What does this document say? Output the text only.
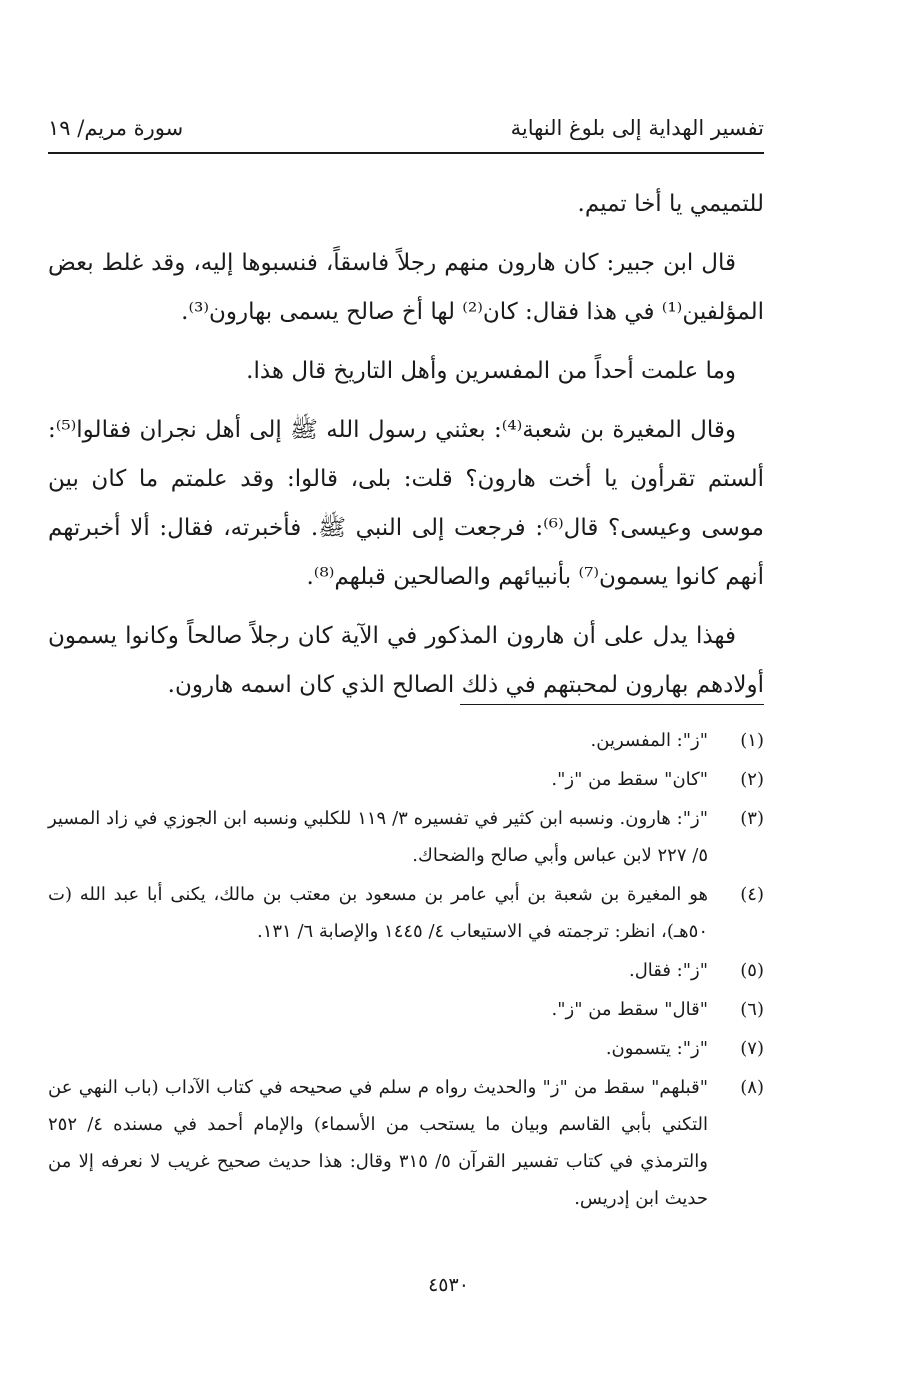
تفسير الهداية إلى بلوغ النهاية
سورة مريم/ ١٩

للتميمي يا أخا تميم.

قال ابن جبير: كان هارون منهم رجلاً فاسقاً، فنسبوها إليه، وقد غلط بعض المؤلفين⁽¹⁾ في هذا فقال: كان⁽²⁾ لها أخ صالح يسمى بهارون⁽³⁾.

وما علمت أحداً من المفسرين وأهل التاريخ قال هذا.

وقال المغيرة بن شعبة⁽⁴⁾: بعثني رسول الله ﷺ إلى أهل نجران فقالوا⁽⁵⁾: ألستم تقرأون يا أخت هارون؟ قلت: بلى، قالوا: وقد علمتم ما كان بين موسى وعيسى؟ قال⁽⁶⁾: فرجعت إلى النبي ﷺ. فأخبرته، فقال: ألا أخبرتهم أنهم كانوا يسمون⁽⁷⁾ بأنبيائهم والصالحين قبلهم⁽⁸⁾.

فهذا يدل على أن هارون المذكور في الآية كان رجلاً صالحاً وكانوا يسمون أولادهم بهارون لمحبتهم في ذلك الصالح الذي كان اسمه هارون.

(١)
"ز": المفسرين.
(٢)
"كان" سقط من "ز".
(٣)
"ز": هارون. ونسبه ابن كثير في تفسيره ٣/ ١١٩ للكلبي ونسبه ابن الجوزي في زاد المسير ٥/ ٢٢٧ لابن عباس وأبي صالح والضحاك.
(٤)
هو المغيرة بن شعبة بن أبي عامر بن مسعود بن معتب بن مالك، يكنى أبا عبد الله (ت ٥٠هـ)، انظر: ترجمته في الاستيعاب ٤/ ١٤٤٥ والإصابة ٦/ ١٣١.
(٥)
"ز": فقال.
(٦)
"قال" سقط من "ز".
(٧)
"ز": يتسمون.
(٨)
"قبلهم" سقط من "ز" والحديث رواه م سلم في صحيحه في كتاب الآداب (باب النهي عن التكني بأبي القاسم وبيان ما يستحب من الأسماء) والإمام أحمد في مسنده ٤/ ٢٥٢ والترمذي في كتاب تفسير القرآن ٥/ ٣١٥ وقال: هذا حديث صحيح غريب لا نعرفه إلا من حديث ابن إدريس.
٤٥٣٠
